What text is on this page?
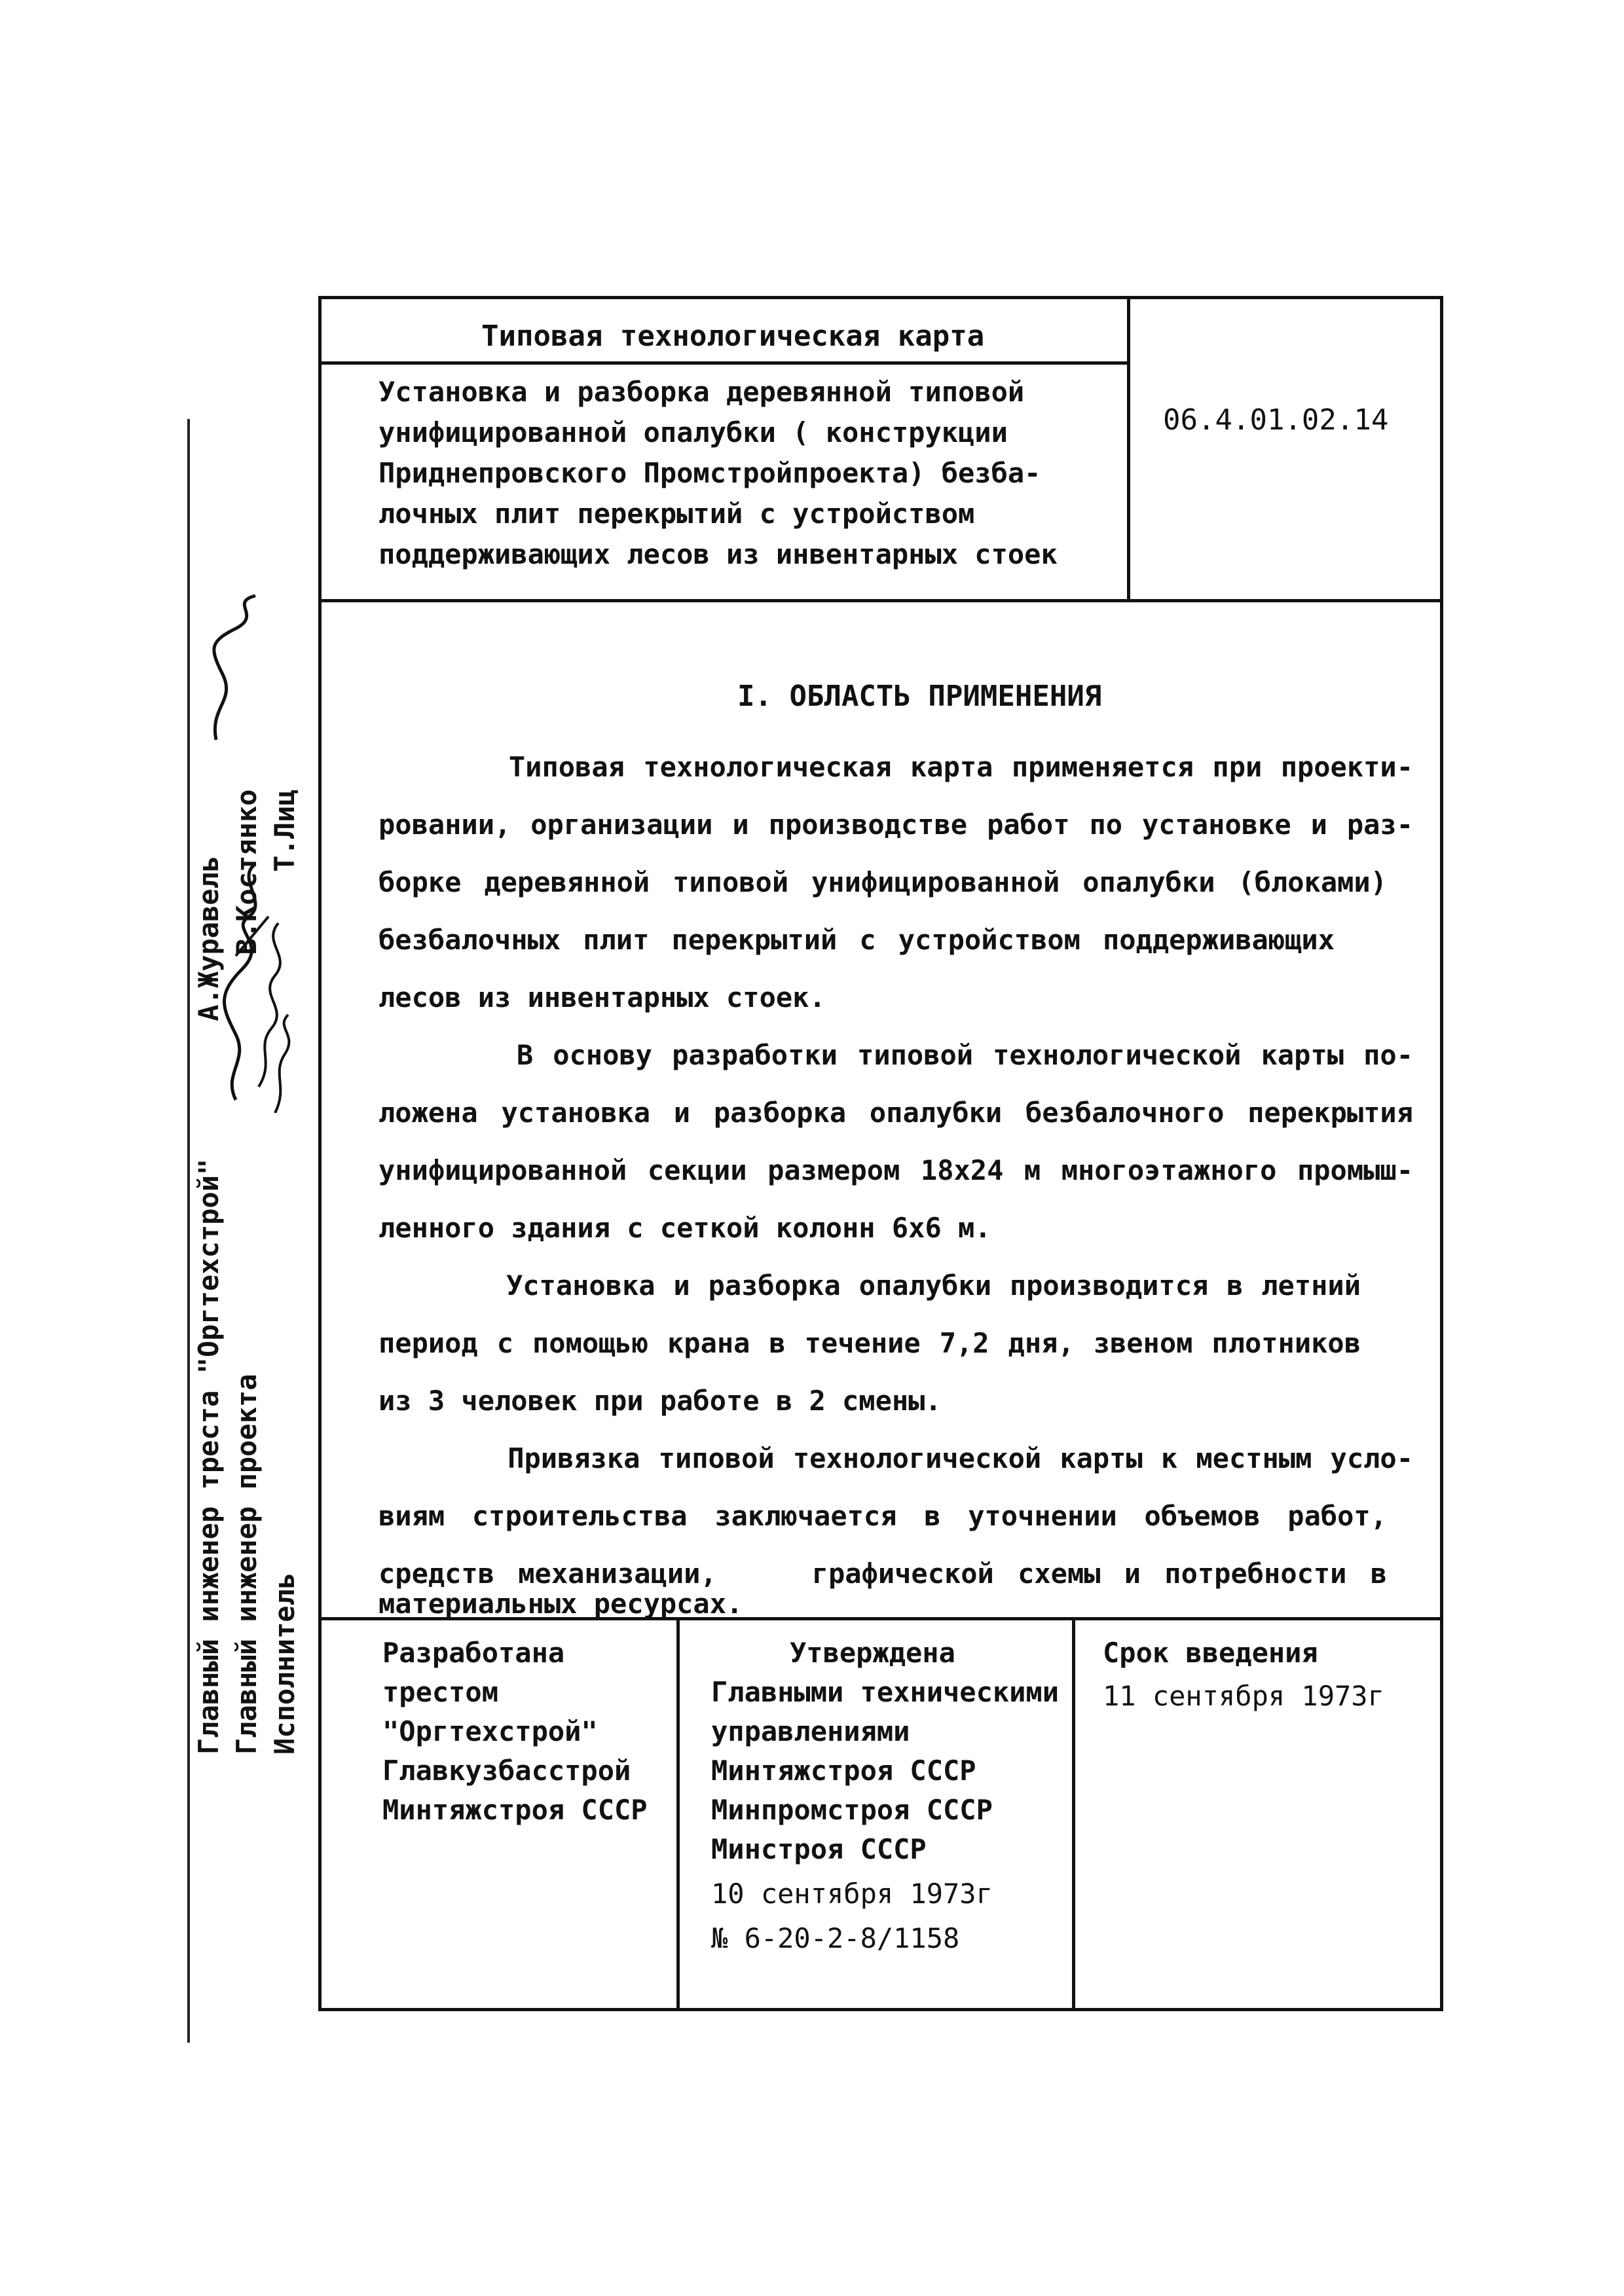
Главный инженер треста "Оргтехстрой"А.Журавель
Главный инженер проектаВ.Костянко
ИсполнительТ.Лиц
Типовая технологическая карта
Установка и разборка деревянной типовой
унифицированной опалубки ( конструкции
Приднепровского Промстройпроекта) безба-
лочных плит перекрытий с устройством
поддерживающих лесов из инвентарных стоек
06.4.01.02.14
I. ОБЛАСТЬ ПРИМЕНЕНИЯ
Типовая технологическая карта применяется при проекти-
ровании, организации и производстве работ по установке и раз-
борке деревянной типовой унифицированной опалубки (блоками)
безбалочных плит перекрытий с устройством поддерживающих
лесов из инвентарных стоек.
В основу разработки типовой технологической карты по-
ложена установка и разборка опалубки безбалочного перекрытия
унифицированной секции размером 18х24 м многоэтажного промыш-
ленного здания с сеткой колонн 6х6 м.
Установка и разборка опалубки производится в летний
период с помощью крана в течение 7,2 дня, звеном плотников
из 3 человек при работе в 2 смены.
Привязка типовой технологической карты к местным усло-
виям строительства заключается в уточнении объемов работ,
средств механизации,    графической схемы и потребности в
материальных ресурсах.
Разработана
трестом
"Оргтехстрой"
Главкузбасстрой
Минтяжстроя СССР
Утверждена
Главными техническими
управлениями
Минтяжстроя СССР
Минпромстроя СССР
Минстроя СССР
10 сентября 1973г
№ 6-20-2-8/1158
Срок введения
11 сентября 1973г
